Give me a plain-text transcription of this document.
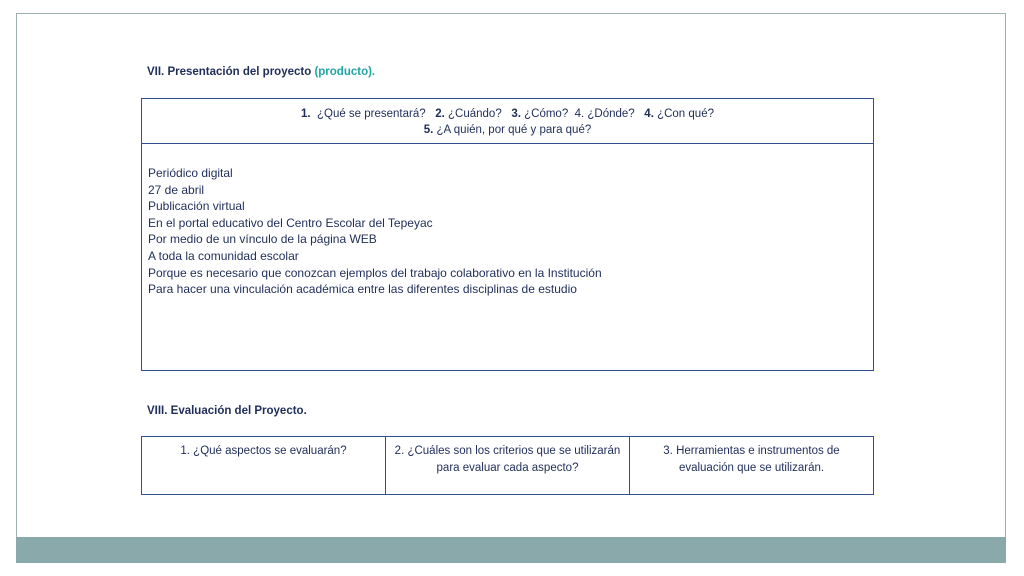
VII. Presentación del proyecto (producto).
1.  ¿Qué se presentará?   2. ¿Cuándo?   3. ¿Cómo?  4. ¿Dónde?   4. ¿Con qué?
5. ¿A quién, por qué y para qué?
Periódico digital
27 de abril
Publicación virtual
En el portal educativo del Centro Escolar del Tepeyac
Por medio de un vínculo de la página WEB
A toda la comunidad escolar
Porque es necesario que conozcan ejemplos del trabajo colaborativo en la Institución
Para hacer una vinculación académica entre las diferentes disciplinas de estudio
VIII. Evaluación del Proyecto.
1. ¿Qué aspectos se evaluarán?	2. ¿Cuáles son los criterios que se utilizarán para evaluar cada aspecto?
3. Herramientas e instrumentos de evaluación que se utilizarán.
